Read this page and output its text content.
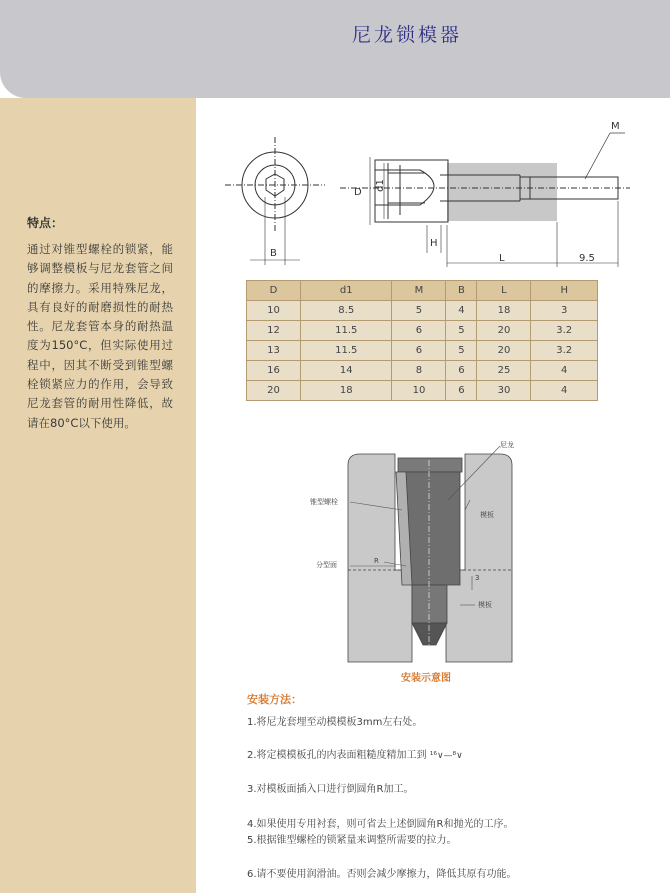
尼龙锁模器
特点：
通过对锥型螺栓的锁紧，能够调整模板与尼龙套管之间的摩擦力。采用特殊尼龙，具有良好的耐磨损性的耐热性。尼龙套管本身的耐热温度为150°C，但实际使用过程中，因其不断受到锥型螺栓锁紧应力的作用，会导致尼龙套管的耐用性降低，故请在80°C以下使用。
D
d1
M
B
H
L	9.5
D	d1	M	B	L	H
10	8.5	5	4	18	3
12	11.5	6	5	20	3.2
13	11.5	6	5	20	3.2
16	14	8	6	25	4
20	18	10	6	30	4
尼龙
锥型螺栓
模板
分型面	R
3
模板
安装示意图
安装方法：
1.将尼龙套埋至动模模板3mm左右处。
2.将定模模板孔的内表面粗糙度精加工到 ¹⁶∨—⁸∨
3.对模板面插入口进行倒圆角R加工。
4.如果使用专用衬套，则可省去上述倒圆角R和抛光的工序。
5.根据锥型螺栓的锁紧量来调整所需要的拉力。
6.请不要使用润滑油。否则会减少摩擦力，降低其原有功能。
